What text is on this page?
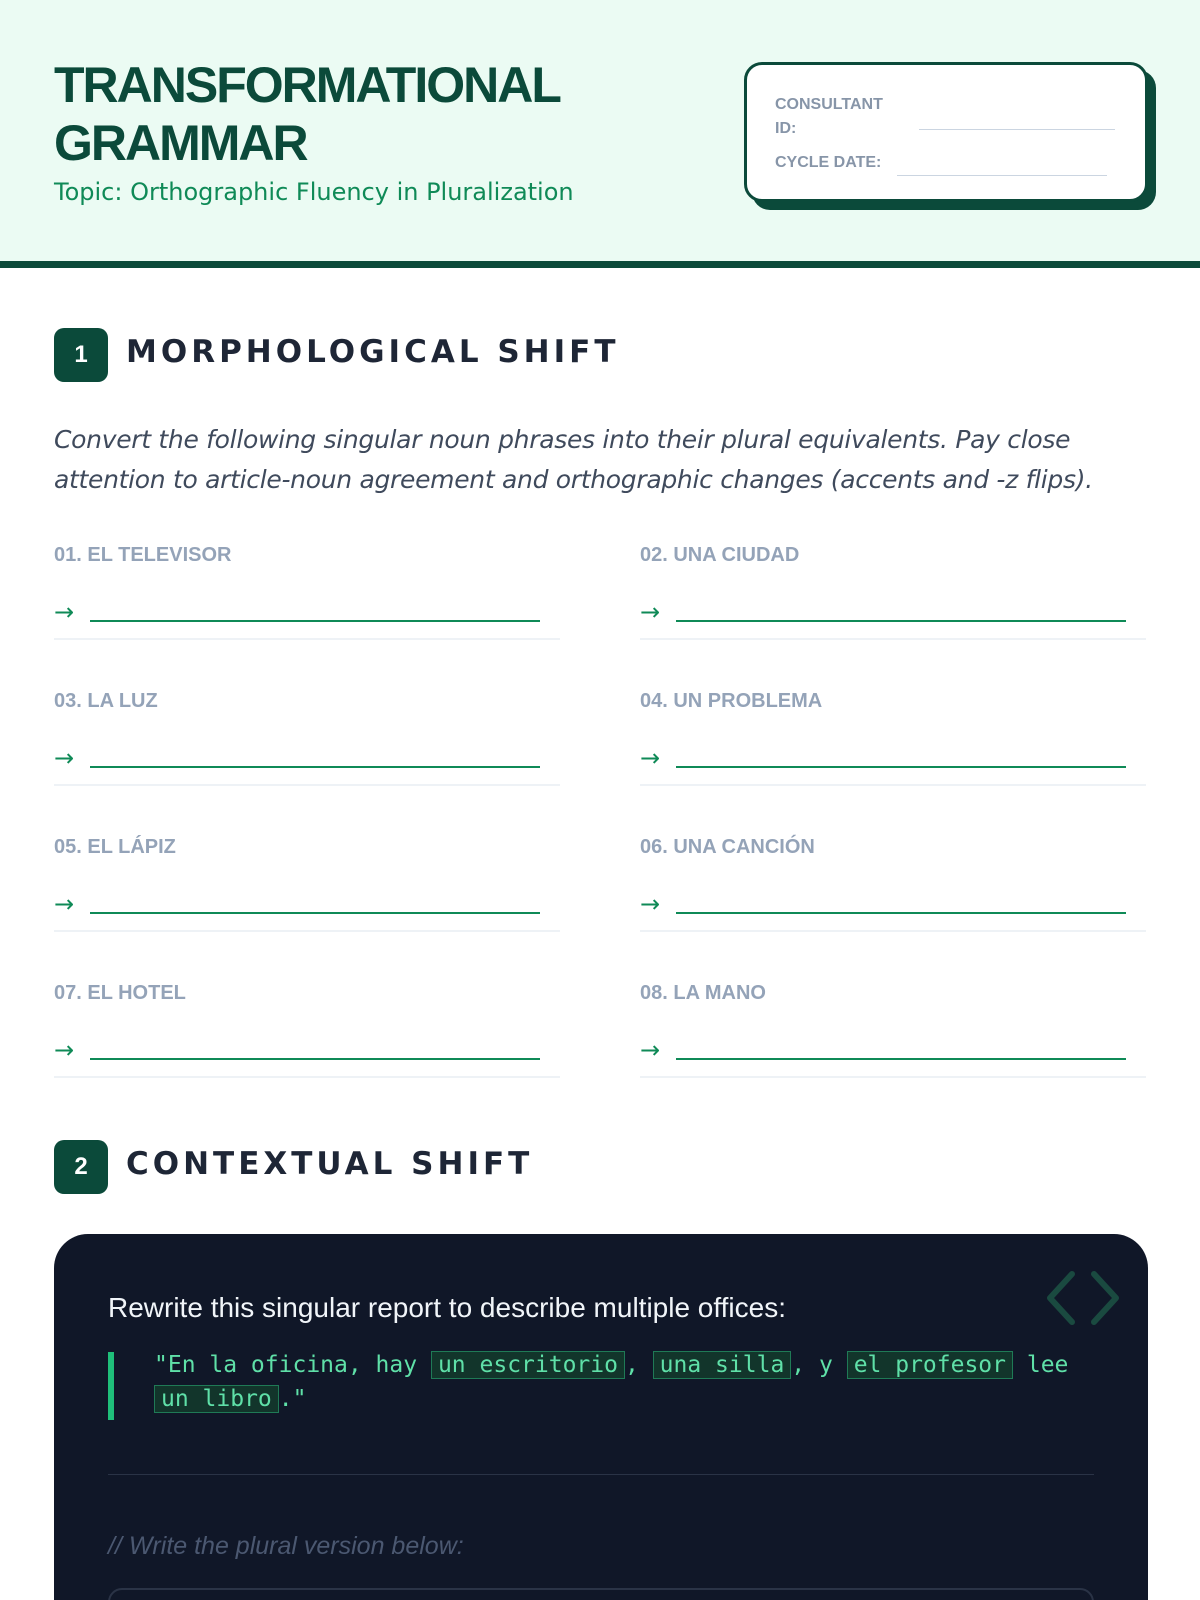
TRANSFORMATIONAL
GRAMMAR
Topic: Orthographic Fluency in Pluralization
CONSULTANT
ID:
CYCLE DATE:
1	MORPHOLOGICAL SHIFT
Convert the following singular noun phrases into their plural equivalents. Pay close attention to article-noun agreement and orthographic changes (accents and -z flips).
01. EL TELEVISOR
→
02. UNA CIUDAD
→
03. LA LUZ
→
04. UN PROBLEMA
→
05. EL LÁPIZ
→
06. UNA CANCIÓN
→
07. EL HOTEL
→
08. LA MANO
→
2	CONTEXTUAL SHIFT
Rewrite this singular report to describe multiple offices:
"En la oficina, hay un escritorio , una silla , y el profesor lee un libro ."
// Write the plural version below:
